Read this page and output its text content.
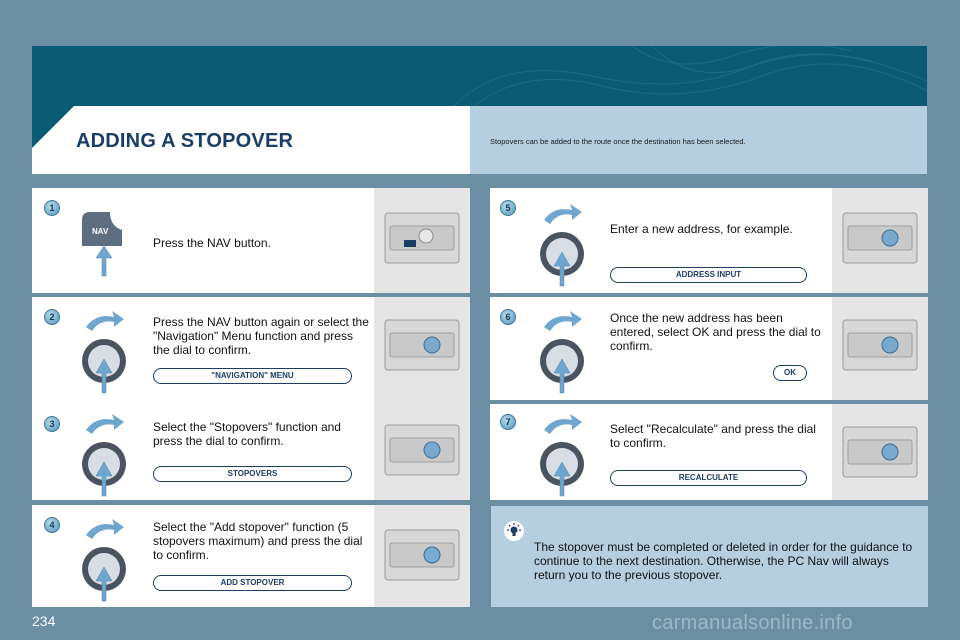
ADDING A STOPOVER	Stopovers can be added to the route once the destination has been selected.
NAV
1
Press the NAV button.
2	Press the NAV button again or select the "Navigation" Menu function and press the dial to confirm.
"NAVIGATION" MENU
3	Select the "Stopovers" function and press the dial to confirm.
STOPOVERS
4	Select the "Add stopover" function (5 stopovers maximum) and press the dial to confirm.
ADD STOPOVER
5
Enter a new address, for example.
ADDRESS INPUT
6	Once the new address has been entered, select OK and press the dial to confirm.
OK
7	Select "Recalculate" and press the dial to confirm.
RECALCULATE
The stopover must be completed or deleted in order for the guidance to continue to the next destination. Otherwise, the PC Nav will always return you to the previous stopover.
234	carmanualsonline.info
